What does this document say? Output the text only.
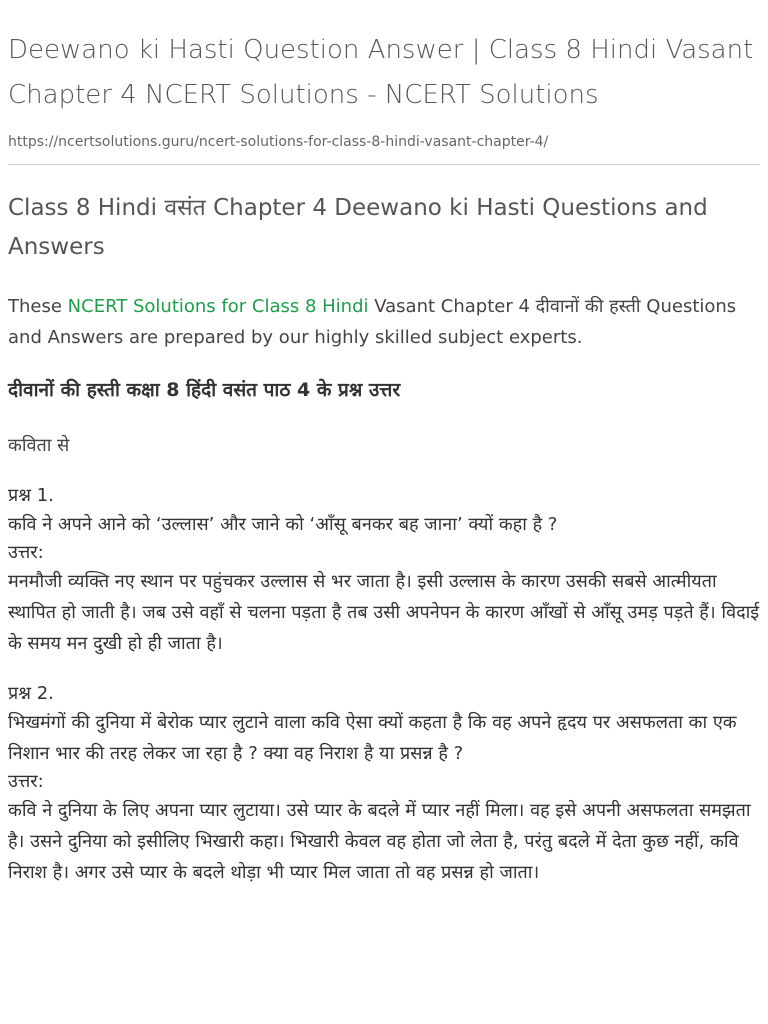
Deewano ki Hasti Question Answer | Class 8 Hindi Vasant Chapter 4 NCERT Solutions - NCERT Solutions
https://ncertsolutions.guru/ncert-solutions-for-class-8-hindi-vasant-chapter-4/
Class 8 Hindi वसंत Chapter 4 Deewano ki Hasti Questions and Answers

These NCERT Solutions for Class 8 Hindi Vasant Chapter 4 दीवानों की हस्ती Questions and Answers are prepared by our highly skilled subject experts.

दीवानों की हस्ती कक्षा 8 हिंदी वसंत पाठ 4 के प्रश्न उत्तर

कविता से

प्रश्न 1.

कवि ने अपने आने को ‘उल्लास’ और जाने को ‘आँसू बनकर बह जाना’ क्यों कहा है ?

उत्तर:

मनमौजी व्यक्ति नए स्थान पर पहुंचकर उल्लास से भर जाता है। इसी उल्लास के कारण उसकी सबसे आत्मीयता स्थापित हो जाती है। जब उसे वहाँ से चलना पड़ता है तब उसी अपनेपन के कारण आँखों से आँसू उमड़ पड़ते हैं। विदाई के समय मन दुखी हो ही जाता है।

प्रश्न 2.

भिखमंगों की दुनिया में बेरोक प्यार लुटाने वाला कवि ऐसा क्यों कहता है कि वह अपने हृदय पर असफलता का एक निशान भार की तरह लेकर जा रहा है ? क्या वह निराश है या प्रसन्न है ?

उत्तर:

कवि ने दुनिया के लिए अपना प्यार लुटाया। उसे प्यार के बदले में प्यार नहीं मिला। वह इसे अपनी असफलता समझता है। उसने दुनिया को इसीलिए भिखारी कहा। भिखारी केवल वह होता जो लेता है, परंतु बदले में देता कुछ नहीं, कवि निराश है। अगर उसे प्यार के बदले थोड़ा भी प्यार मिल जाता तो वह प्रसन्न हो जाता।
